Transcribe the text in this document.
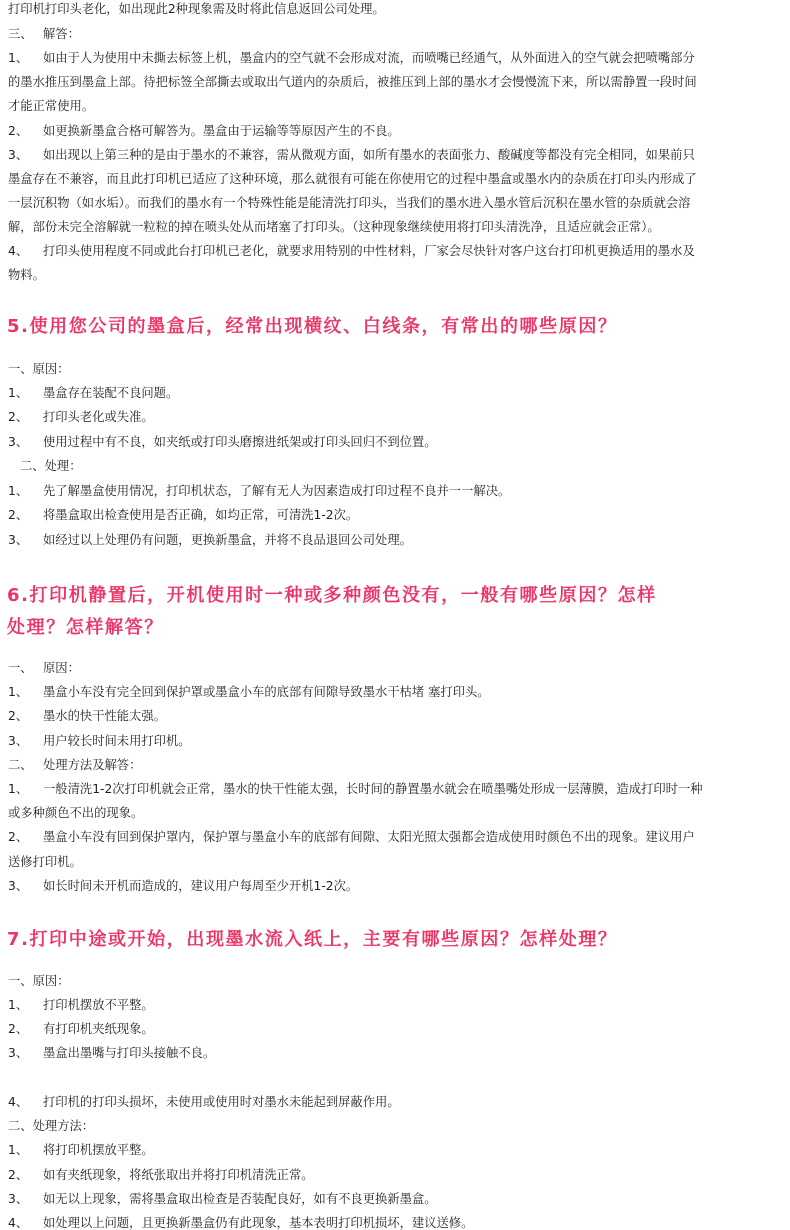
打印机打印头老化，如出现此2种现象需及时将此信息返回公司处理。
三、 解答：
1、 如由于人为使用中未撕去标签上机，墨盒内的空气就不会形成对流，而喷嘴已经通气，从外面进入的空气就会把喷嘴部分
的墨水推压到墨盒上部。待把标签全部撕去或取出气道内的杂质后，被推压到上部的墨水才会慢慢流下来，所以需静置一段时间
才能正常使用。
2、 如更换新墨盒合格可解答为。墨盒由于运输等等原因产生的不良。
3、 如出现以上第三种的是由于墨水的不兼容，需从微观方面，如所有墨水的表面张力、酸碱度等都没有完全相同，如果前只
墨盒存在不兼容，而且此打印机已适应了这种环境，那么就很有可能在你使用它的过程中墨盒或墨水内的杂质在打印头内形成了
一层沉积物（如水垢）。而我们的墨水有一个特殊性能是能清洗打印头，当我们的墨水进入墨水管后沉积在墨水管的杂质就会溶
解，部份未完全溶解就一粒粒的掉在喷头处从而堵塞了打印头。（这种现象继续使用将打印头清洗净，且适应就会正常）。
4、 打印头使用程度不同或此台打印机已老化，就要求用特别的中性材料，厂家会尽快针对客户这台打印机更换适用的墨水及
物料。
一、原因：
1、 墨盒存在装配不良问题。
2、 打印头老化或失准。
3、 使用过程中有不良，如夹纸或打印头磨擦进纸架或打印头回归不到位置。
二、处理：
1、 先了解墨盒使用情况，打印机状态，了解有无人为因素造成打印过程不良并一一解决。
2、 将墨盒取出检查使用是否正确，如均正常，可清洗1-2次。
3、 如经过以上处理仍有问题，更换新墨盒，并将不良品退回公司处理。
一、 原因：
1、 墨盒小车没有完全回到保护罩或墨盒小车的底部有间隙导致墨水干枯堵 塞打印头。
2、 墨水的快干性能太强。
3、 用户较长时间未用打印机。
二、 处理方法及解答：
1、 一般清洗1-2次打印机就会正常，墨水的快干性能太强，长时间的静置墨水就会在喷墨嘴处形成一层薄膜，造成打印时一种
或多种颜色不出的现象。
2、 墨盒小车没有回到保护罩内，保护罩与墨盒小车的底部有间隙、太阳光照太强都会造成使用时颜色不出的现象。建议用户
送修打印机。
3、 如长时间未开机而造成的，建议用户每周至少开机1-2次。
一、原因：
1、 打印机摆放不平整。
2、 有打印机夹纸现象。
3、 墨盒出墨嘴与打印头接触不良。
4、 打印机的打印头损坏，未使用或使用时对墨水未能起到屏蔽作用。
二、处理方法：
1、 将打印机摆放平整。
2、 如有夹纸现象，将纸张取出并将打印机清洗正常。
3、 如无以上现象，需将墨盒取出检查是否装配良好，如有不良更换新墨盒。
4、 如处理以上问题，且更换新墨盒仍有此现象，基本表明打印机损坏，建议送修。
5.使用您公司的墨盒后，经常出现横纹、白线条，有常出的哪些原因？
6.打印机静置后，开机使用时一种或多种颜色没有，一般有哪些原因？怎样
处理？怎样解答？
7.打印中途或开始，出现墨水流入纸上，主要有哪些原因？怎样处理？
